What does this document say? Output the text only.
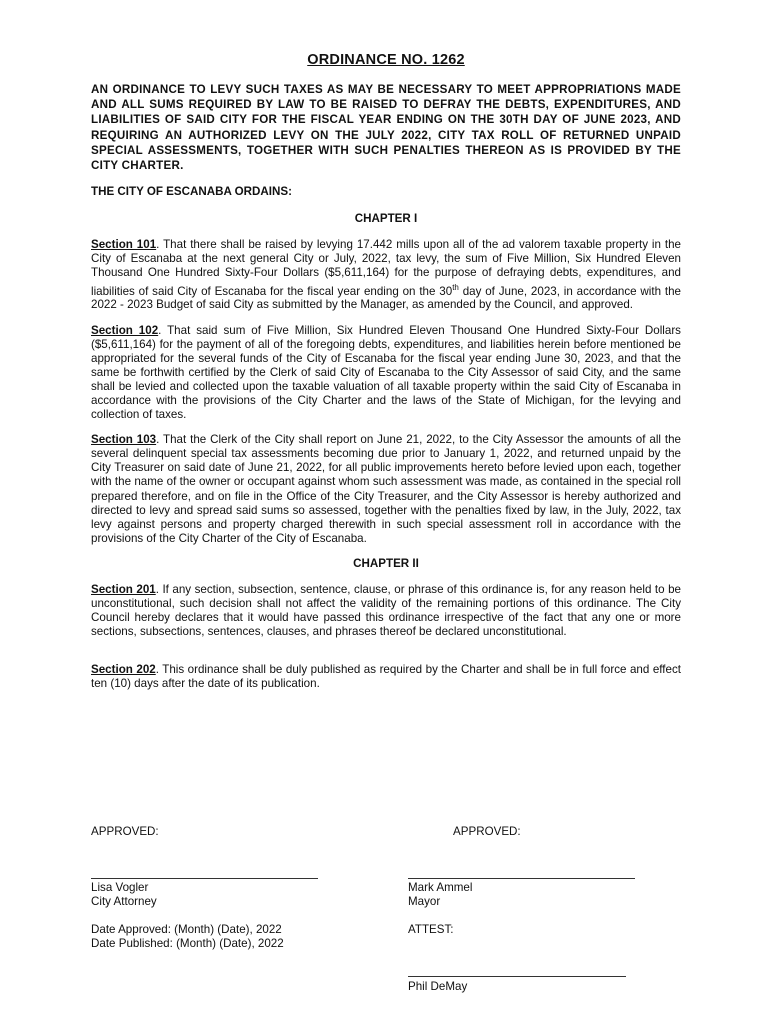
ORDINANCE NO. 1262
AN ORDINANCE TO LEVY SUCH TAXES AS MAY BE NECESSARY TO MEET APPROPRIATIONS MADE AND ALL SUMS REQUIRED BY LAW TO BE RAISED TO DEFRAY THE DEBTS, EXPENDITURES, AND LIABILITIES OF SAID CITY FOR THE FISCAL YEAR ENDING ON THE 30TH DAY OF JUNE 2023, AND REQUIRING AN AUTHORIZED LEVY ON THE JULY 2022, CITY TAX ROLL OF RETURNED UNPAID SPECIAL ASSESSMENTS, TOGETHER WITH SUCH PENALTIES THEREON AS IS PROVIDED BY THE CITY CHARTER.
THE CITY OF ESCANABA ORDAINS:
CHAPTER I
Section 101. That there shall be raised by levying 17.442 mills upon all of the ad valorem taxable property in the City of Escanaba at the next general City or July, 2022, tax levy, the sum of Five Million, Six Hundred Eleven Thousand One Hundred Sixty-Four Dollars ($5,611,164) for the purpose of defraying debts, expenditures, and liabilities of said City of Escanaba for the fiscal year ending on the 30th day of June, 2023, in accordance with the 2022 - 2023 Budget of said City as submitted by the Manager, as amended by the Council, and approved.
Section 102. That said sum of Five Million, Six Hundred Eleven Thousand One Hundred Sixty-Four Dollars ($5,611,164) for the payment of all of the foregoing debts, expenditures, and liabilities herein before mentioned be appropriated for the several funds of the City of Escanaba for the fiscal year ending June 30, 2023, and that the same be forthwith certified by the Clerk of said City of Escanaba to the City Assessor of said City, and the same shall be levied and collected upon the taxable valuation of all taxable property within the said City of Escanaba in accordance with the provisions of the City Charter and the laws of the State of Michigan, for the levying and collection of taxes.
Section 103. That the Clerk of the City shall report on June 21, 2022, to the City Assessor the amounts of all the several delinquent special tax assessments becoming due prior to January 1, 2022, and returned unpaid by the City Treasurer on said date of June 21, 2022, for all public improvements hereto before levied upon each, together with the name of the owner or occupant against whom such assessment was made, as contained in the special roll prepared therefore, and on file in the Office of the City Treasurer, and the City Assessor is hereby authorized and directed to levy and spread said sums so assessed, together with the penalties fixed by law, in the July, 2022, tax levy against persons and property charged therewith in such special assessment roll in accordance with the provisions of the City Charter of the City of Escanaba.
CHAPTER II
Section 201. If any section, subsection, sentence, clause, or phrase of this ordinance is, for any reason held to be unconstitutional, such decision shall not affect the validity of the remaining portions of this ordinance. The City Council hereby declares that it would have passed this ordinance irrespective of the fact that any one or more sections, subsections, sentences, clauses, and phrases thereof be declared unconstitutional.
Section 202. This ordinance shall be duly published as required by the Charter and shall be in full force and effect ten (10) days after the date of its publication.
APPROVED:	APPROVED:
Lisa Vogler
City Attorney
Mark Ammel
Mayor
Date Approved: (Month) (Date), 2022
Date Published: (Month) (Date), 2022
ATTEST:
Phil DeMay
